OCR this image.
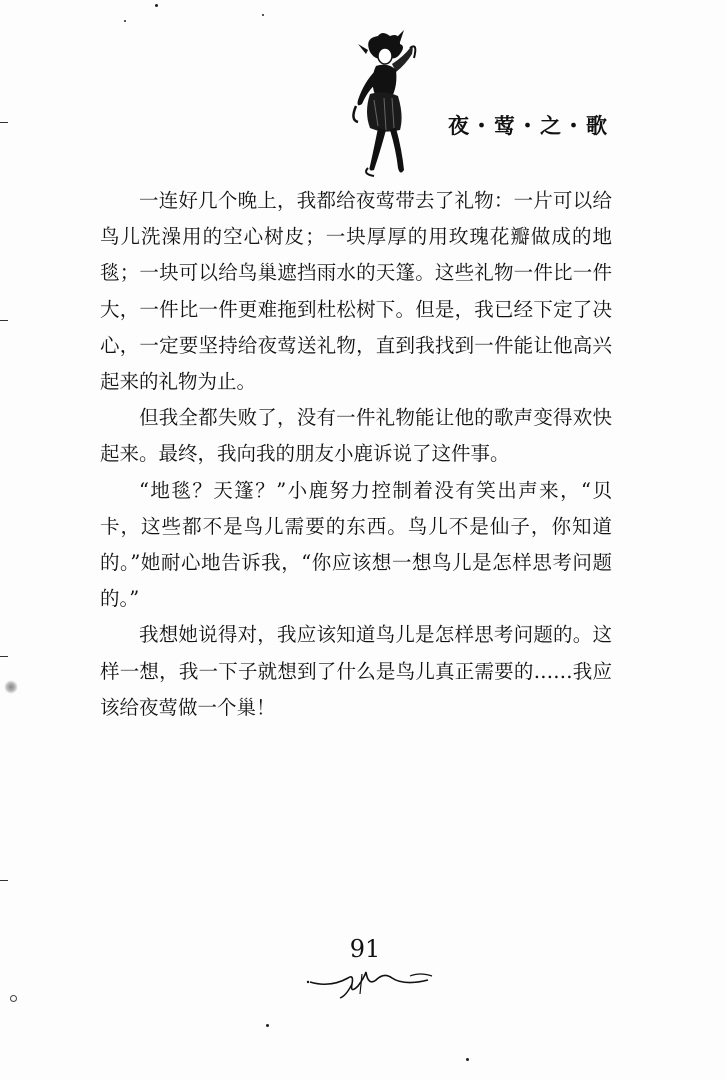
夜・莺・之・歌

一连好几个晚上，我都给夜莺带去了礼物：一片可以给鸟儿洗澡用的空心树皮；一块厚厚的用玫瑰花瓣做成的地毯；一块可以给鸟巢遮挡雨水的天篷。这些礼物一件比一件大，一件比一件更难拖到杜松树下。但是，我已经下定了决心，一定要坚持给夜莺送礼物，直到我找到一件能让他高兴起来的礼物为止。

但我全都失败了，没有一件礼物能让他的歌声变得欢快起来。最终，我向我的朋友小鹿诉说了这件事。

“地毯？天篷？”小鹿努力控制着没有笑出声来，“贝卡，这些都不是鸟儿需要的东西。鸟儿不是仙子，你知道的。”她耐心地告诉我，“你应该想一想鸟儿是怎样思考问题的。”

我想她说得对，我应该知道鸟儿是怎样思考问题的。这样一想，我一下子就想到了什么是鸟儿真正需要的……我应该给夜莺做一个巢！

91
